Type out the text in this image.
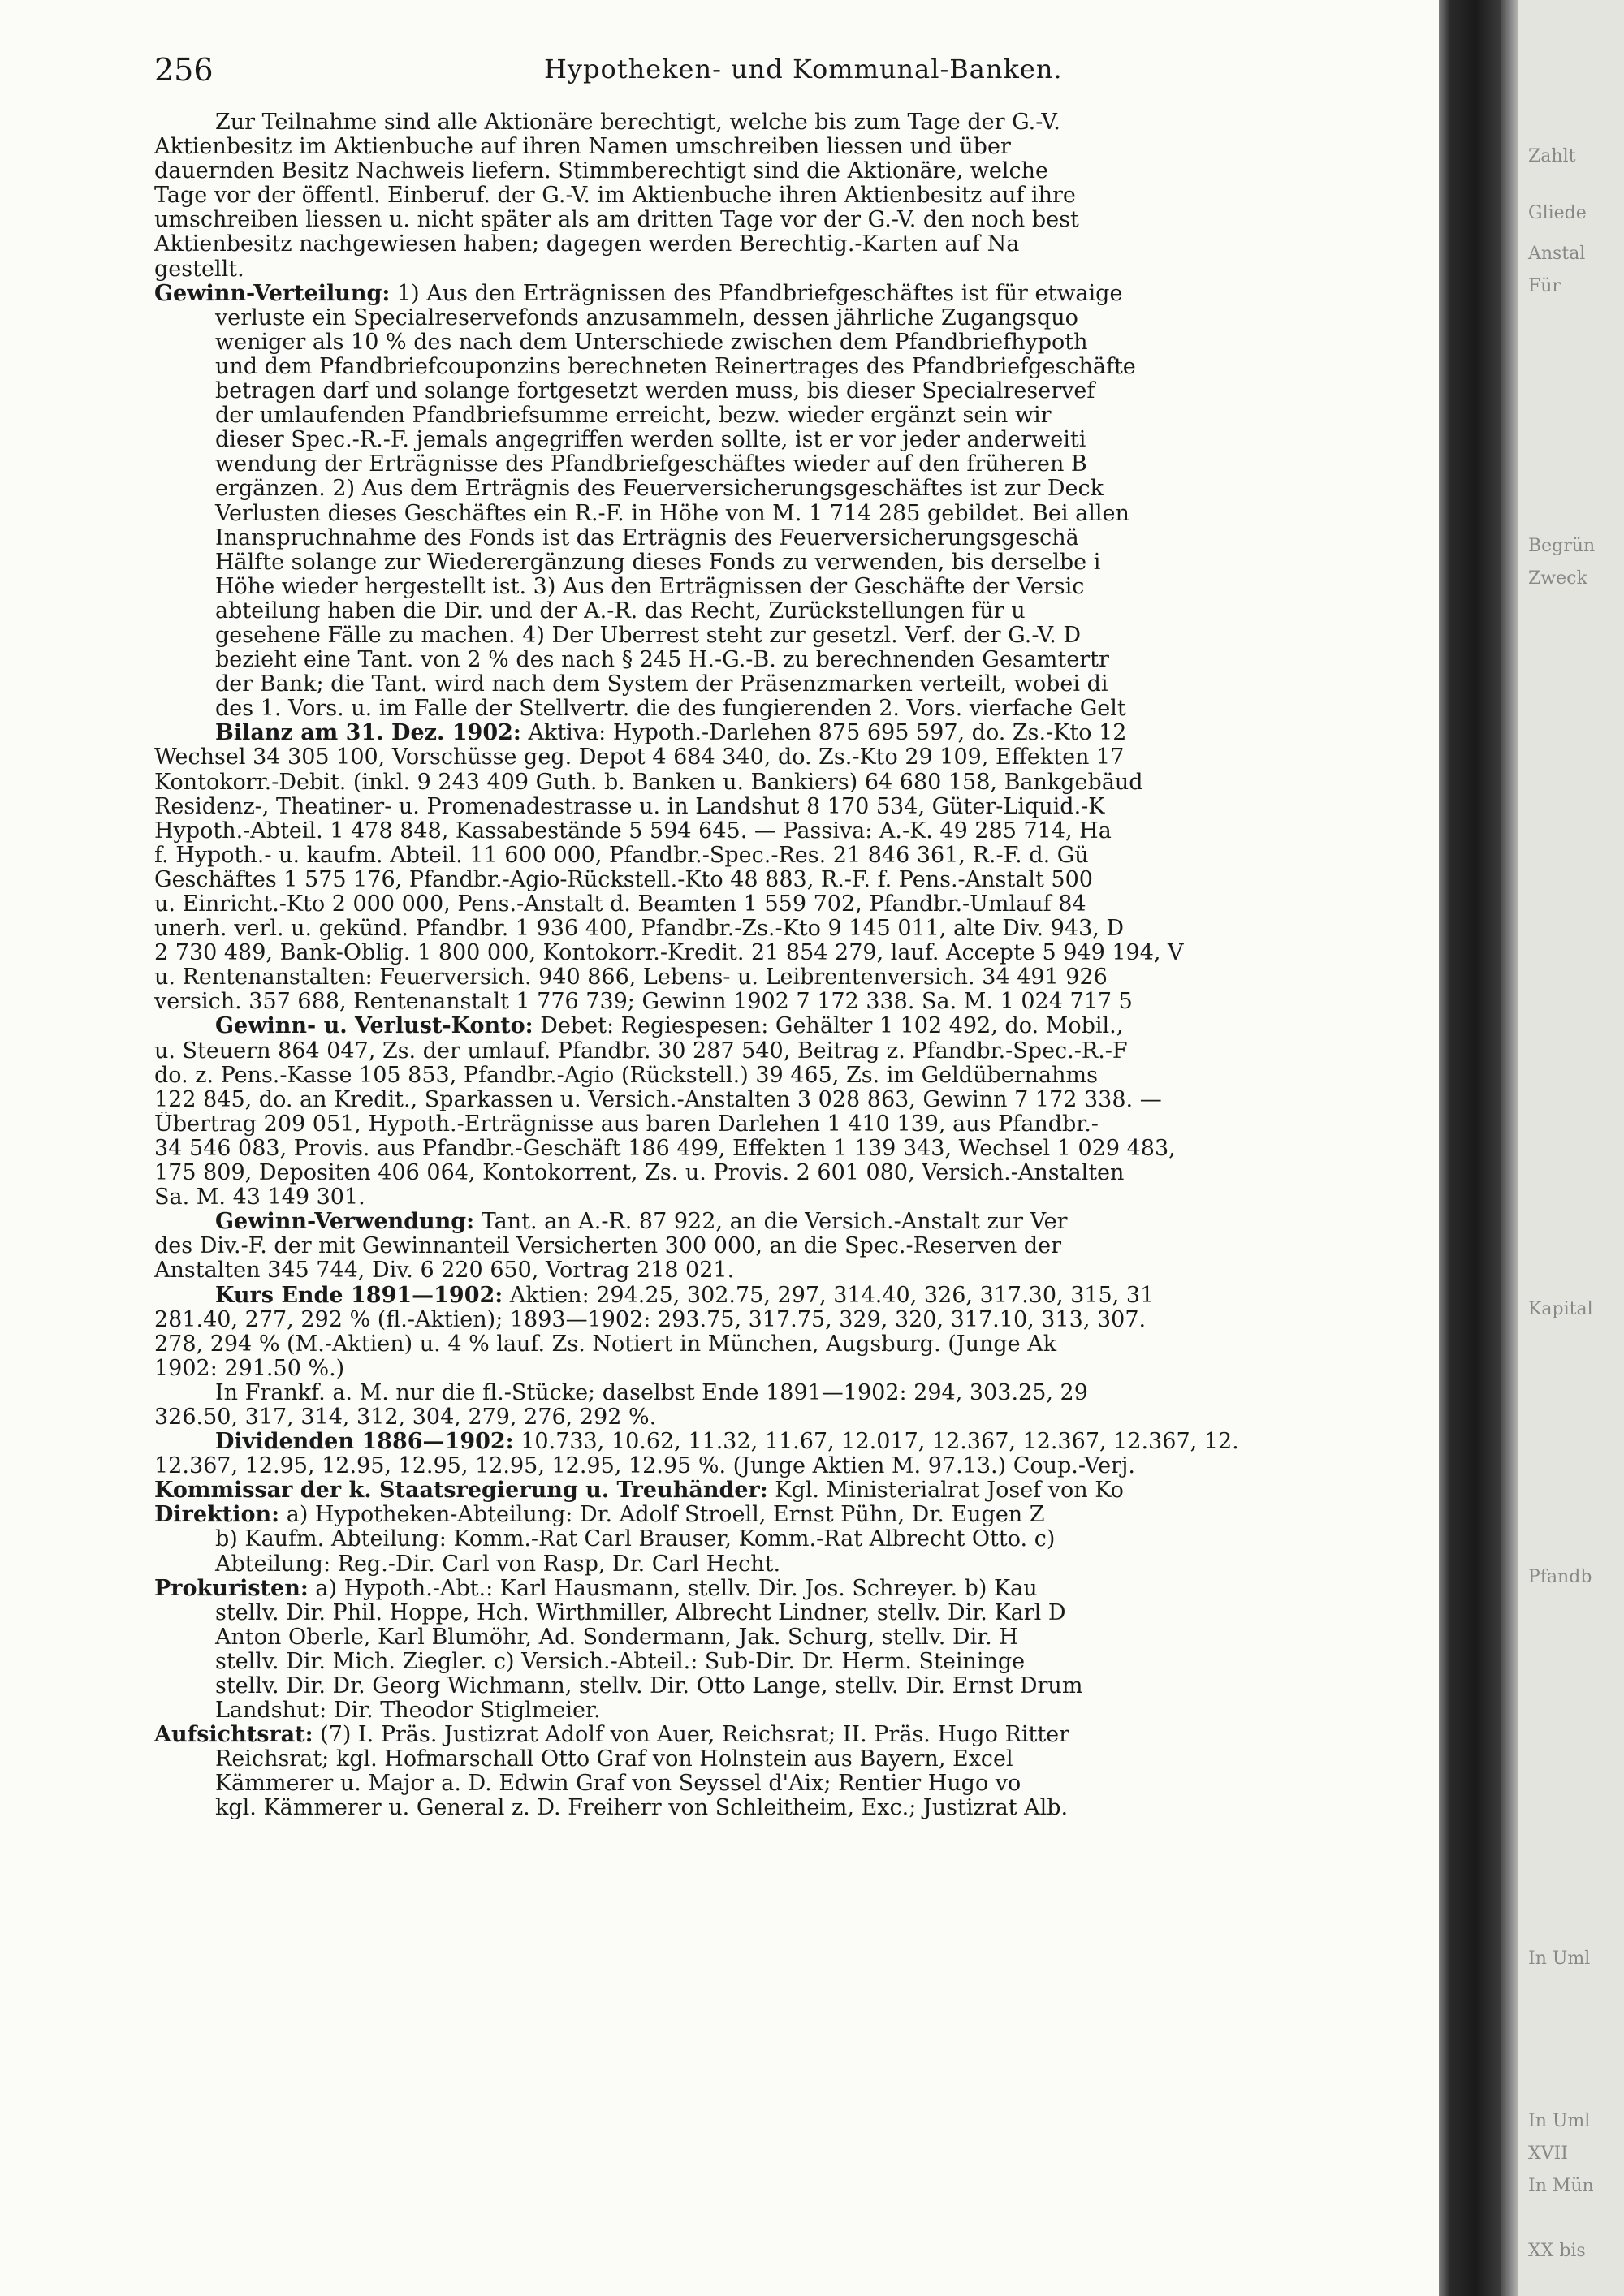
256	Hypotheken- und Kommunal-Banken.
Zur Teilnahme sind alle Aktionäre berechtigt, welche bis zum Tage der G.-V.
Aktienbesitz im Aktienbuche auf ihren Namen umschreiben liessen und über
dauernden Besitz Nachweis liefern. Stimmberechtigt sind die Aktionäre, welche
Tage vor der öffentl. Einberuf. der G.-V. im Aktienbuche ihren Aktienbesitz auf ihre
umschreiben liessen u. nicht später als am dritten Tage vor der G.-V. den noch best
Aktienbesitz nachgewiesen haben; dagegen werden Berechtig.-Karten auf Na
gestellt.
Gewinn-Verteilung: 1) Aus den Erträgnissen des Pfandbriefgeschäftes ist für etwaige
verluste ein Specialreservefonds anzusammeln, dessen jährliche Zugangsquo
weniger als 10 % des nach dem Unterschiede zwischen dem Pfandbriefhypoth
und dem Pfandbriefcouponzins berechneten Reinertrages des Pfandbriefgeschäfte
betragen darf und solange fortgesetzt werden muss, bis dieser Specialreservef
der umlaufenden Pfandbriefsumme erreicht, bezw. wieder ergänzt sein wir
dieser Spec.-R.-F. jemals angegriffen werden sollte, ist er vor jeder anderweiti
wendung der Erträgnisse des Pfandbriefgeschäftes wieder auf den früheren B
ergänzen. 2) Aus dem Erträgnis des Feuerversicherungsgeschäftes ist zur Deck
Verlusten dieses Geschäftes ein R.-F. in Höhe von M. 1 714 285 gebildet. Bei allen
Inanspruchnahme des Fonds ist das Erträgnis des Feuerversicherungsgeschä
Hälfte solange zur Wiederergänzung dieses Fonds zu verwenden, bis derselbe i
Höhe wieder hergestellt ist. 3) Aus den Erträgnissen der Geschäfte der Versic
abteilung haben die Dir. und der A.-R. das Recht, Zurückstellungen für u
gesehene Fälle zu machen. 4) Der Überrest steht zur gesetzl. Verf. der G.-V. D
bezieht eine Tant. von 2 % des nach § 245 H.-G.-B. zu berechnenden Gesamtertr
der Bank; die Tant. wird nach dem System der Präsenzmarken verteilt, wobei di
des 1. Vors. u. im Falle der Stellvertr. die des fungierenden 2. Vors. vierfache Gelt
Bilanz am 31. Dez. 1902: Aktiva: Hypoth.-Darlehen 875 695 597, do. Zs.-Kto 12
Wechsel 34 305 100, Vorschüsse geg. Depot 4 684 340, do. Zs.-Kto 29 109, Effekten 17
Kontokorr.-Debit. (inkl. 9 243 409 Guth. b. Banken u. Bankiers) 64 680 158, Bankgebäud
Residenz-, Theatiner- u. Promenadestrasse u. in Landshut 8 170 534, Güter-Liquid.-K
Hypoth.-Abteil. 1 478 848, Kassabestände 5 594 645. — Passiva: A.-K. 49 285 714, Ha
f. Hypoth.- u. kaufm. Abteil. 11 600 000, Pfandbr.-Spec.-Res. 21 846 361, R.-F. d. Gü
Geschäftes 1 575 176, Pfandbr.-Agio-Rückstell.-Kto 48 883, R.-F. f. Pens.-Anstalt 500
u. Einricht.-Kto 2 000 000, Pens.-Anstalt d. Beamten 1 559 702, Pfandbr.-Umlauf 84
unerh. verl. u. gekünd. Pfandbr. 1 936 400, Pfandbr.-Zs.-Kto 9 145 011, alte Div. 943, D
2 730 489, Bank-Oblig. 1 800 000, Kontokorr.-Kredit. 21 854 279, lauf. Accepte 5 949 194, V
u. Rentenanstalten: Feuerversich. 940 866, Lebens- u. Leibrentenversich. 34 491 926
versich. 357 688, Rentenanstalt 1 776 739; Gewinn 1902 7 172 338. Sa. M. 1 024 717 5
Gewinn- u. Verlust-Konto: Debet: Regiespesen: Gehälter 1 102 492, do. Mobil.,
u. Steuern 864 047, Zs. der umlauf. Pfandbr. 30 287 540, Beitrag z. Pfandbr.-Spec.-R.-F
do. z. Pens.-Kasse 105 853, Pfandbr.-Agio (Rückstell.) 39 465, Zs. im Geldübernahms
122 845, do. an Kredit., Sparkassen u. Versich.-Anstalten 3 028 863, Gewinn 7 172 338. —
Übertrag 209 051, Hypoth.-Erträgnisse aus baren Darlehen 1 410 139, aus Pfandbr.-
34 546 083, Provis. aus Pfandbr.-Geschäft 186 499, Effekten 1 139 343, Wechsel 1 029 483,
175 809, Depositen 406 064, Kontokorrent, Zs. u. Provis. 2 601 080, Versich.-Anstalten
Sa. M. 43 149 301.
Gewinn-Verwendung: Tant. an A.-R. 87 922, an die Versich.-Anstalt zur Ver
des Div.-F. der mit Gewinnanteil Versicherten 300 000, an die Spec.-Reserven der
Anstalten 345 744, Div. 6 220 650, Vortrag 218 021.
Kurs Ende 1891—1902: Aktien: 294.25, 302.75, 297, 314.40, 326, 317.30, 315, 31
281.40, 277, 292 % (fl.-Aktien); 1893—1902: 293.75, 317.75, 329, 320, 317.10, 313, 307.
278, 294 % (M.-Aktien) u. 4 % lauf. Zs. Notiert in München, Augsburg. (Junge Ak
1902: 291.50 %.)
In Frankf. a. M. nur die fl.-Stücke; daselbst Ende 1891—1902: 294, 303.25, 29
326.50, 317, 314, 312, 304, 279, 276, 292 %.
Dividenden 1886—1902: 10.733, 10.62, 11.32, 11.67, 12.017, 12.367, 12.367, 12.367, 12.
12.367, 12.95, 12.95, 12.95, 12.95, 12.95, 12.95 %. (Junge Aktien M. 97.13.) Coup.-Verj.
Kommissar der k. Staatsregierung u. Treuhänder: Kgl. Ministerialrat Josef von Ko
Direktion: a) Hypotheken-Abteilung: Dr. Adolf Stroell, Ernst Pühn, Dr. Eugen Z
b) Kaufm. Abteilung: Komm.-Rat Carl Brauser, Komm.-Rat Albrecht Otto. c)
Abteilung: Reg.-Dir. Carl von Rasp, Dr. Carl Hecht.
Prokuristen: a) Hypoth.-Abt.: Karl Hausmann, stellv. Dir. Jos. Schreyer. b) Kau
stellv. Dir. Phil. Hoppe, Hch. Wirthmiller, Albrecht Lindner, stellv. Dir. Karl D
Anton Oberle, Karl Blumöhr, Ad. Sondermann, Jak. Schurg, stellv. Dir. H
stellv. Dir. Mich. Ziegler. c) Versich.-Abteil.: Sub-Dir. Dr. Herm. Steininge
stellv. Dir. Dr. Georg Wichmann, stellv. Dir. Otto Lange, stellv. Dir. Ernst Drum
Landshut: Dir. Theodor Stiglmeier.
Aufsichtsrat: (7) I. Präs. Justizrat Adolf von Auer, Reichsrat; II. Präs. Hugo Ritter
Reichsrat; kgl. Hofmarschall Otto Graf von Holnstein aus Bayern, Excel
Kämmerer u. Major a. D. Edwin Graf von Seyssel d'Aix; Rentier Hugo vo
kgl. Kämmerer u. General z. D. Freiherr von Schleitheim, Exc.; Justizrat Alb.
Zahlt
Gliede
Anstal
Für
Begrün
Zweck
Kapital
Pfandb
In Uml
In Uml
XVII
In Mün
XX bis
